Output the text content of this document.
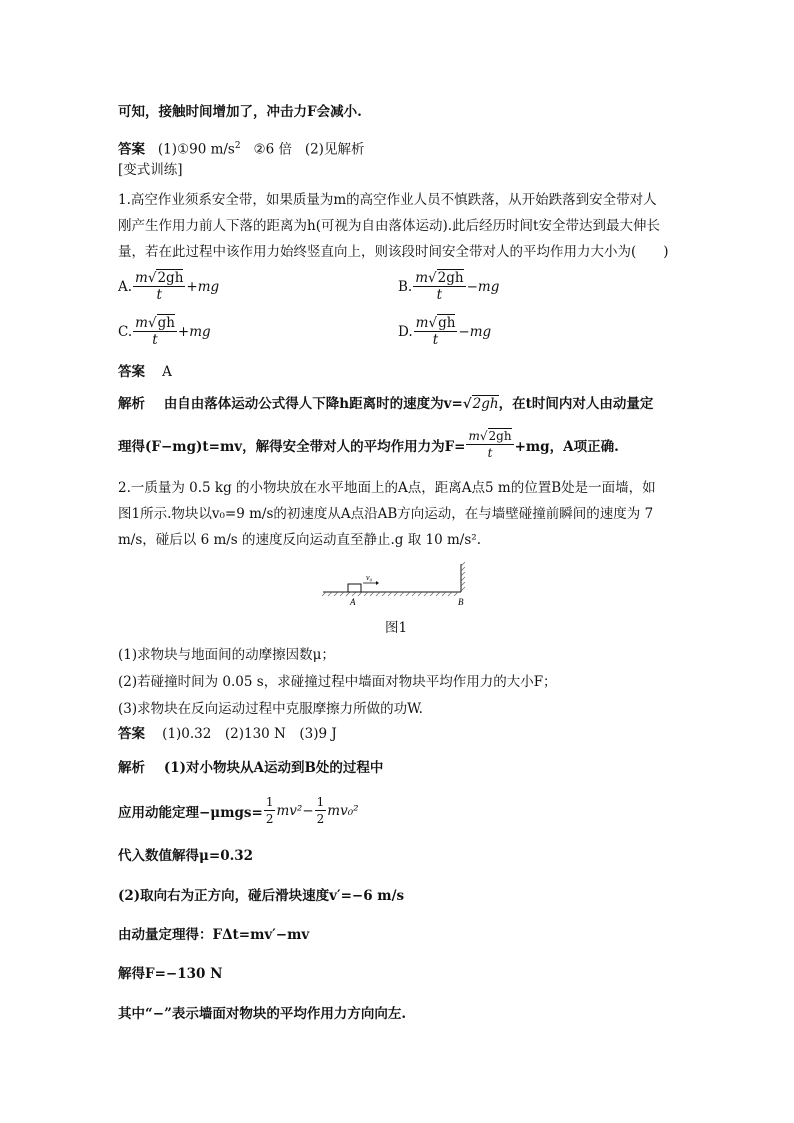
可知，接触时间增加了，冲击力F会减小.
答案 (1)①90 $m/s^2$ ②6 倍 (2)见解析
[变式训练]
1.高空作业须系安全带，如果质量为m的高空作业人员不慎跌落，从开始跌落到安全带对人
刚产生作用力前人下落的距离为h(可视为自由落体运动).此后经历时间t安全带达到最大伸长
量，若在此过程中该作用力始终竖直向上，则该段时间安全带对人的平均作用力大小为(　　)
A. $\frac{m√2gh}{t} +mg$	B. $\frac{m√2gh}{t} -mg$
C. $\frac{m√gh}{t} +mg$	D. $\frac{m√gh}{t} -mg$
答案 A
解析 由自由落体运动公式得人下降h距离时的速度为v=√2gh，在t时间内对人由动量定
理得(F−mg)t=mv，解得安全带对人的平均作用力为$F= \frac{m√2gh}{t} +mg$，A项正确.
2.一质量为 0.5 kg 的小物块放在水平地面上的A点，距离A点5 m的位置B处是一面墙，如
图1所示.物块以v₀=9 m/s的初速度从A点沿AB方向运动，在与墙壁碰撞前瞬间的速度为 7
m/s，碰后以 6 m/s 的速度反向运动直至静止.g 取 10 m/s².
v₀
A	B
图1
(1)求物块与地面间的动摩擦因数μ；
(2)若碰撞时间为 0.05 s，求碰撞过程中墙面对物块平均作用力的大小F；
(3)求物块在反向运动过程中克服摩擦力所做的功W.
答案 (1)0.32　(2)130 N　(3)9 J
解析 (1)对小物块从A运动到B处的过程中
应用动能定理$-\mu mgs= \frac{1}{2} mv^2- \frac{1}{2} mv_0^2$
代入数值解得μ=0.32
(2)取向右为正方向，碰后滑块速度v′=−6 m/s
由动量定理得：FΔt=mv′−mv
解得F=−130 N
其中“−”表示墙面对物块的平均作用力方向向左.
